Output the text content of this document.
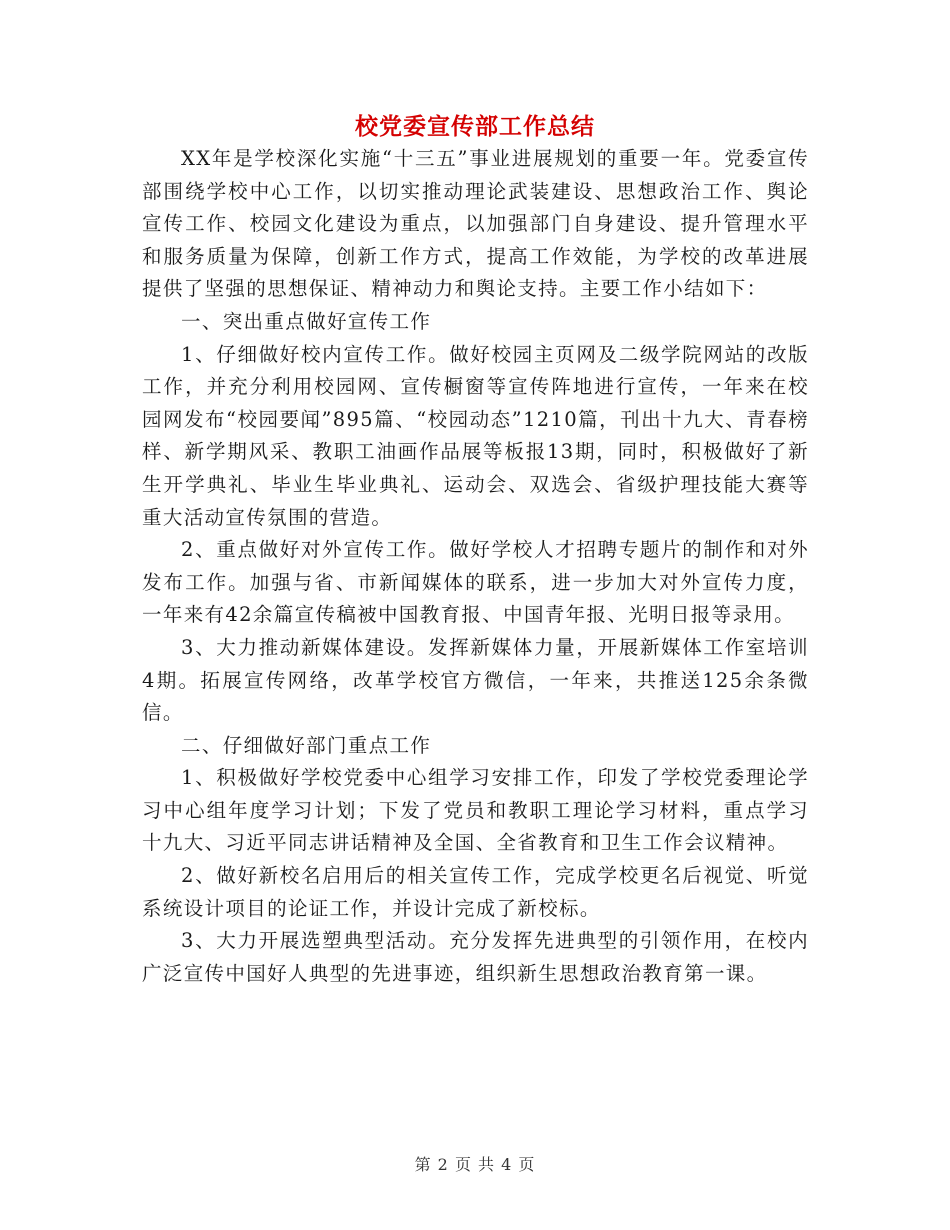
校党委宣传部工作总结

XX年是学校深化实施“十三五”事业进展规划的重要一年。党委宣传部围绕学校中心工作，以切实推动理论武装建设、思想政治工作、舆论宣传工作、校园文化建设为重点，以加强部门自身建设、提升管理水平和服务质量为保障，创新工作方式，提高工作效能，为学校的改革进展提供了坚强的思想保证、精神动力和舆论支持。主要工作小结如下：

一、突出重点做好宣传工作

1、仔细做好校内宣传工作。做好校园主页网及二级学院网站的改版工作，并充分利用校园网、宣传橱窗等宣传阵地进行宣传，一年来在校园网发布“校园要闻”895篇、“校园动态”1210篇，刊出十九大、青春榜样、新学期风采、教职工油画作品展等板报13期，同时，积极做好了新生开学典礼、毕业生毕业典礼、运动会、双选会、省级护理技能大赛等重大活动宣传氛围的营造。

2、重点做好对外宣传工作。做好学校人才招聘专题片的制作和对外发布工作。加强与省、市新闻媒体的联系，进一步加大对外宣传力度，一年来有42余篇宣传稿被中国教育报、中国青年报、光明日报等录用。

3、大力推动新媒体建设。发挥新媒体力量，开展新媒体工作室培训4期。拓展宣传网络，改革学校官方微信，一年来，共推送125余条微信。

二、仔细做好部门重点工作

1、积极做好学校党委中心组学习安排工作，印发了学校党委理论学习中心组年度学习计划；下发了党员和教职工理论学习材料，重点学习十九大、习近平同志讲话精神及全国、全省教育和卫生工作会议精神。

2、做好新校名启用后的相关宣传工作，完成学校更名后视觉、听觉系统设计项目的论证工作，并设计完成了新校标。

3、大力开展选塑典型活动。充分发挥先进典型的引领作用，在校内广泛宣传中国好人典型的先进事迹，组织新生思想政治教育第一课。

第 2 页 共 4 页
